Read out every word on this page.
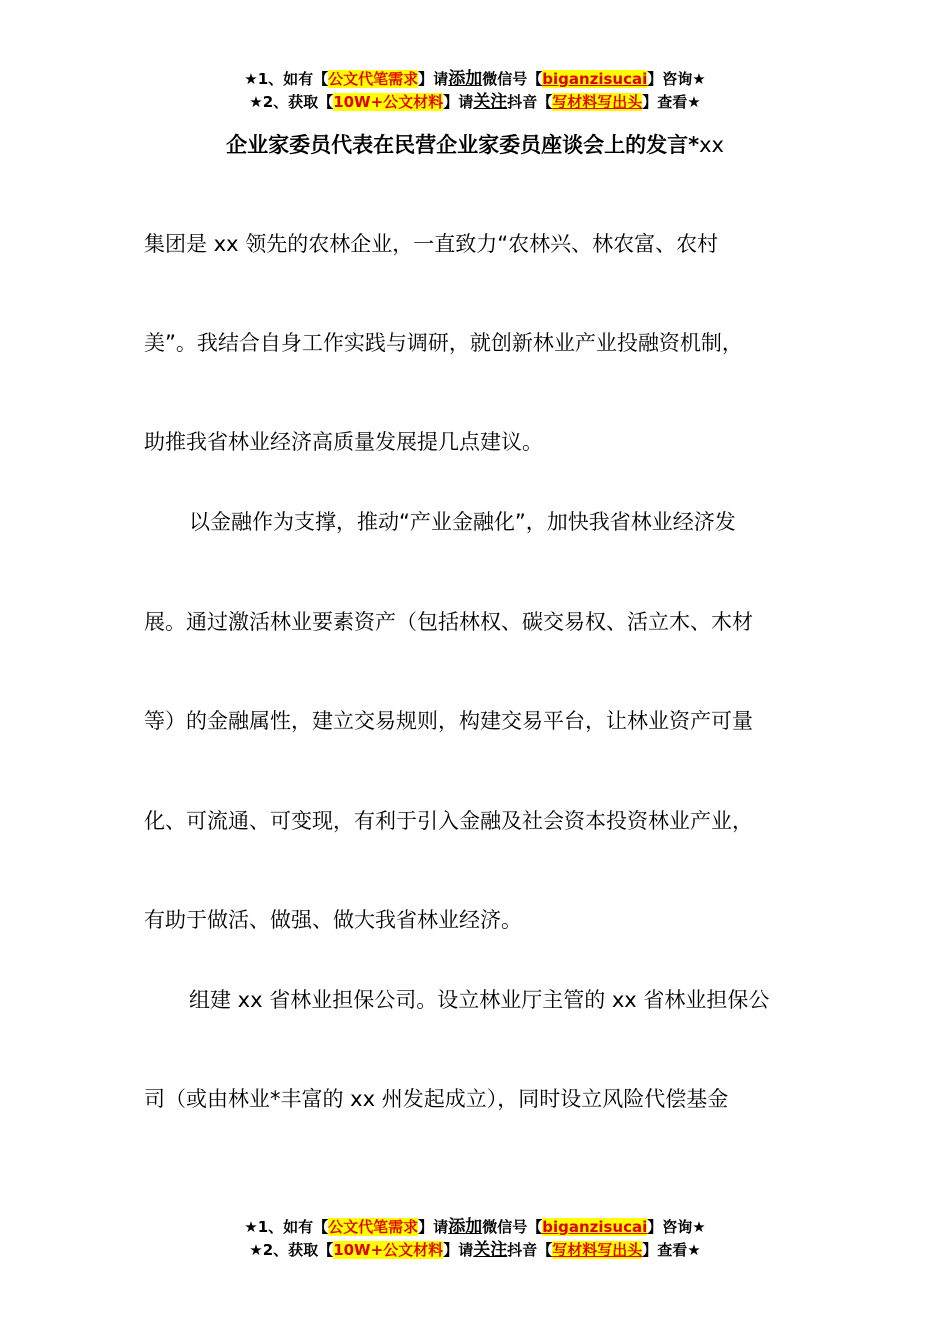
★1、如有【公文代笔需求】请添加微信号【biganzisucai】咨询★
★2、获取【10W+公文材料】请关注抖音【写材料写出头】查看★
企业家委员代表在民营企业家委员座谈会上的发言*xx
集团是 xx 领先的农林企业，一直致力“农林兴、林农富、农村
美”。我结合自身工作实践与调研，就创新林业产业投融资机制，
助推我省林业经济高质量发展提几点建议。
以金融作为支撑，推动“产业金融化”，加快我省林业经济发
展。通过激活林业要素资产（包括林权、碳交易权、活立木、木材
等）的金融属性，建立交易规则，构建交易平台，让林业资产可量
化、可流通、可变现，有利于引入金融及社会资本投资林业产业，
有助于做活、做强、做大我省林业经济。
组建 xx 省林业担保公司。设立林业厅主管的 xx 省林业担保公
司（或由林业*丰富的 xx 州发起成立），同时设立风险代偿基金
★1、如有【公文代笔需求】请添加微信号【biganzisucai】咨询★
★2、获取【10W+公文材料】请关注抖音【写材料写出头】查看★
